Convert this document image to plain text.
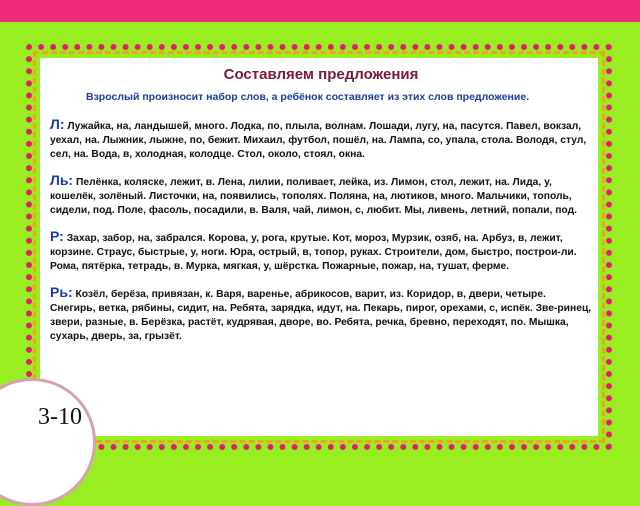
Составляем предложения
Взрослый произносит набор слов, а ребёнок составляет из этих слов предложение.
Л: Лужайка, на, ландышей, много. Лодка, по, плыла, волнам. Лошади, лугу, на, пасутся. Павел, вокзал, уехал, на. Лыжник, лыжне, по, бежит. Михаил, футбол, пошёл, на. Лампа, со, упала, стола. Володя, стул, сел, на. Вода, в, холодная, колодце. Стол, около, стоял, окна.
Ль: Пелёнка, коляске, лежит, в. Лена, лилии, поливает, лейка, из. Лимон, стол, лежит, на. Лида, у, кошелёк, золёный. Листочки, на, появились, тополях. Поляна, на, лютиков, много. Мальчики, тополь, сидели, под. Поле, фасоль, посадили, в. Валя, чай, лимон, с, любит. Мы, ливень, летний, попали, под.
Р: Захар, забор, на, забрался. Корова, у, рога, крутые. Кот, мороз, Мурзик, озяб, на. Арбуз, в, лежит, корзине. Страус, быстрые, у, ноги. Юра, острый, в, топор, руках. Строители, дом, быстро, построи-ли. Рома, пятёрка, тетрадь, в. Мурка, мягкая, у, шёрстка. Пожарные, пожар, на, тушат, ферме.
Рь: Козёл, берёза, привязан, к. Варя, варенье, абрикосов, варит, из. Коридор, в, двери, четыре. Снегирь, ветка, рябины, сидит, на. Ребята, зарядка, идут, на. Пекарь, пирог, орехами, с, испёк. Зве-ринец, звери, разные, в. Берёзка, растёт, кудрявая, дворе, во. Ребята, речка, бревно, переходят, по. Мышка, сухарь, дверь, за, грызёт.
3-10
